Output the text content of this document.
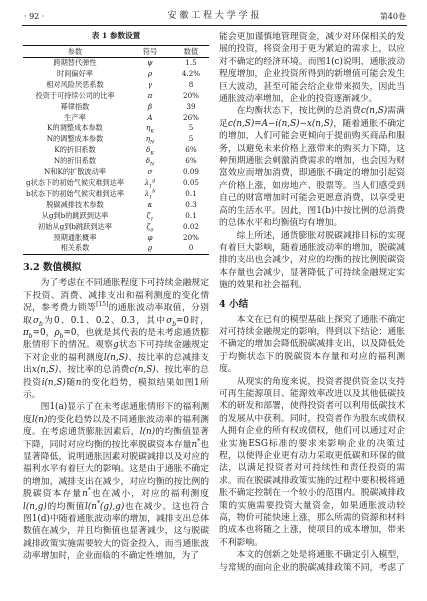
· 92 ·	安 徽 工 程 大 学 学 报	第40卷
表 1 参数设置
参数	符号	数值
跨期替代弹性	ψ	1.5
时间偏好率	ρ	4.2%
相对风险厌恶系数	γ	8
投资于可持续公司的比率	π	20%
幂律指数	β	39
生产率	A	26%
K的调整成本参数	$\eta_K$	5
N的调整成本参数	$\eta_N$	5
K的折旧系数	$\delta_K$	6%
N的折旧系数	$\delta_N$	6%
N和K的扩散波动率	σ	0.09
g状态下的初始气候灾难到达率	$\lambda_1^g$	0.05
b状态下的初始气候灾难到达率	$\lambda_1^b$	0.1
脱碳减排技术参数	κ	0.3
从g到b的跳跃到达率	$\zeta_1$	0.1
初始从g到b跳跃到达率	$\zeta_0$	0.02
预期通胀概率	φ	20%
相关系数	ϱ	0
3.2 数值模拟

为了考虑在不同通胀程度下可持续金融规定下投资、消费、减排支出和福利测度的变化情况，参考费力锁等[15]的通胀波动率取值，分别取$\sigma_b$为0、0.1、0.2、0.3，其中$\sigma_b=0$时，$\pi_b=0$，$\rho_b=0$，也就是其代表的是未考虑通货膨胀情形下的情况。观察g状态下可持续金融规定下对企业的福利测度l(n,S)、按比率的总减排支出x(n,S)、按比率的总消费c(n,S)、按比率的总投资i(n,S)随n的变化趋势，模拟结果如图1所示。

图1(a)显示了在未考虑通胀情形下的福利测度l(n)的变化趋势以及不同通胀波动率的福利测度。在考虑通货膨胀因素后，l(n)的均衡值显著下降，同时对应均衡的按比率脱碳资本存量n*也显著降低，说明通胀因素对脱碳减排以及对应的福利水平有着巨大的影响。这是由于通胀不确定的增加，减排支出在减少，对应均衡的按比例的脱碳资本存量n*也在减小，对应的福利测度l(n,g)的均衡值l(n*(g),g)也在减少。这也符合图1(d)中随着通胀波动率的增加，减排支出总体数值在减少，并且均衡值也显著减少，这与脱碳减排政策实施需要较大的资金投入，而当通胀波动率增加时，企业面临的不确定性增加，为了

能会更加谨慎地管理资金，减少对环保相关的发展的投资，将资金用于更为紧迫的需求上，以应对不确定的经济环境。而图1(c)说明，通胀波动程度增加，企业投资所得到的新增值可能会发生巨大波动，甚至可能会给企业带来损失，因此当通胀波动率增加，企业的投资逐渐减少。

在均衡状态下，按比例的总消费c(n,S)需满足c(n,S)=A−i(n,S)−x(n,S)，随着通胀不确定的增加，人们可能会更倾向于提前购买商品和服务，以避免未来价格上涨带来的购买力下降，这种预期通胀会刺激消费需求的增加，也会因为财富效应而增加消费，即通胀不确定的增加引起资产价格上涨，如房地产、股票等。当人们感受到自己的财富增加时可能会更愿意消费，以享受更高的生活水平。因此，图1(b)中按比例的总消费的总体水平和均衡值均有增加。

综上所述，通货膨胀对脱碳减排目标的实现有着巨大影响，随着通胀波动率的增加，脱碳减排的支出也会减少，对应的均衡的按比例脱碳资本存量也会减少，显著降低了可持续金融规定实施的效果和社会福利。

4 小结

本文在已有的模型基础上探究了通胀不确定对可持续金融规定的影响，得到以下结论：通胀不确定的增加会降低脱碳减排支出，以及降低处于均衡状态下的脱碳资本存量和对应的福利测度。

从现实的角度来说，投资者提供资金以支持可再生能源项目、能源效率改进以及其他低碳技术的研发和部署，使得投资者可以利用低碳技术的发展从中获利。同时，投资者作为股东或债权人拥有企业的所有权或债权，他们可以通过对企业实施ESG标准的要求来影响企业的决策过程，以使得企业更有动力采取更低碳和环保的做法，以满足投资者对可持续性和责任投资的需求。而在脱碳减排政策实施的过程中要积极将通胀不确定控制在一个较小的范围内。脱碳减排政策的实施需要投资大量资金，如果通胀波动较高，物价可能快速上涨，那么所需的资源和材料的成本也将随之上涨，使项目的成本增加，带来不利影响。

本文的创新之处是将通胀不确定引入模型，与常规的面向企业的脱碳减排政策不同，考虑了
